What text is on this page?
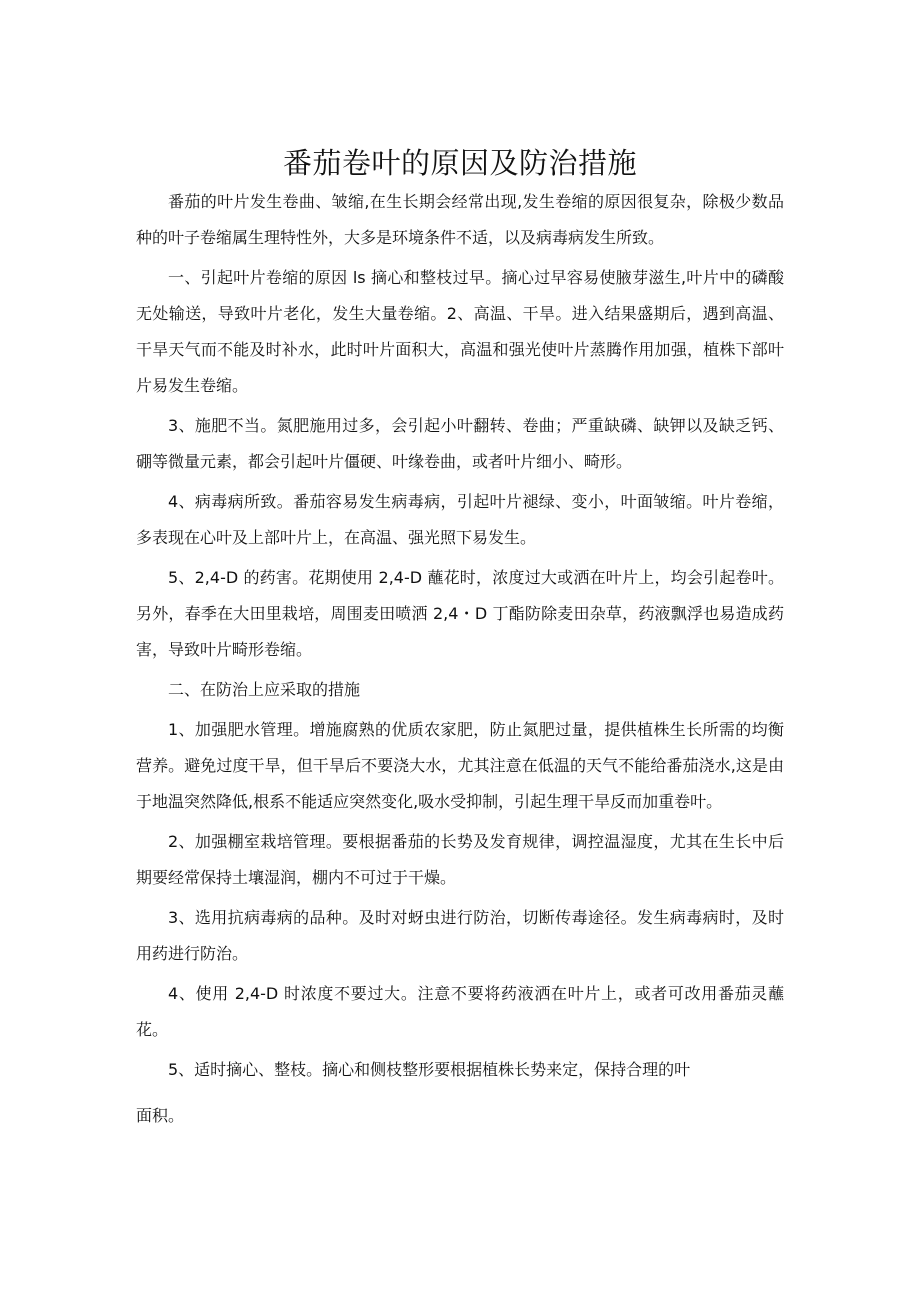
番茄卷叶的原因及防治措施

番茄的叶片发生卷曲、皱缩,在生长期会经常出现,发生卷缩的原因很复杂，除极少数品种的叶子卷缩属生理特性外，大多是环境条件不适，以及病毒病发生所致。

一、引起叶片卷缩的原因 ls 摘心和整枝过早。摘心过早容易使腋芽滋生,叶片中的磷酸无处输送，导致叶片老化，发生大量卷缩。2、高温、干旱。进入结果盛期后，遇到高温、干旱天气而不能及时补水，此时叶片面积大，高温和强光使叶片蒸腾作用加强，植株下部叶片易发生卷缩。

3、施肥不当。氮肥施用过多，会引起小叶翻转、卷曲；严重缺磷、缺钾以及缺乏钙、硼等微量元素，都会引起叶片僵硬、叶缘卷曲，或者叶片细小、畸形。

4、病毒病所致。番茄容易发生病毒病，引起叶片褪绿、变小，叶面皱缩。叶片卷缩，多表现在心叶及上部叶片上，在高温、强光照下易发生。

5、2,4-D 的药害。花期使用 2,4-D 蘸花时，浓度过大或洒在叶片上，均会引起卷叶。另外，春季在大田里栽培，周围麦田喷洒 2,4・D 丁酯防除麦田杂草，药液飘浮也易造成药害，导致叶片畸形卷缩。

二、在防治上应采取的措施

1、加强肥水管理。增施腐熟的优质农家肥，防止氮肥过量，提供植株生长所需的均衡营养。避免过度干旱，但干旱后不要浇大水，尤其注意在低温的天气不能给番茄浇水,这是由于地温突然降低,根系不能适应突然变化,吸水受抑制，引起生理干旱反而加重卷叶。

2、加强棚室栽培管理。要根据番茄的长势及发育规律，调控温湿度，尤其在生长中后期要经常保持土壤湿润，棚内不可过于干燥。

3、选用抗病毒病的品种。及时对蚜虫进行防治，切断传毒途径。发生病毒病时，及时用药进行防治。

4、使用 2,4-D 时浓度不要过大。注意不要将药液洒在叶片上，或者可改用番茄灵蘸花。

5、适时摘心、整枝。摘心和侧枝整形要根据植株长势来定，保持合理的叶

面积。
